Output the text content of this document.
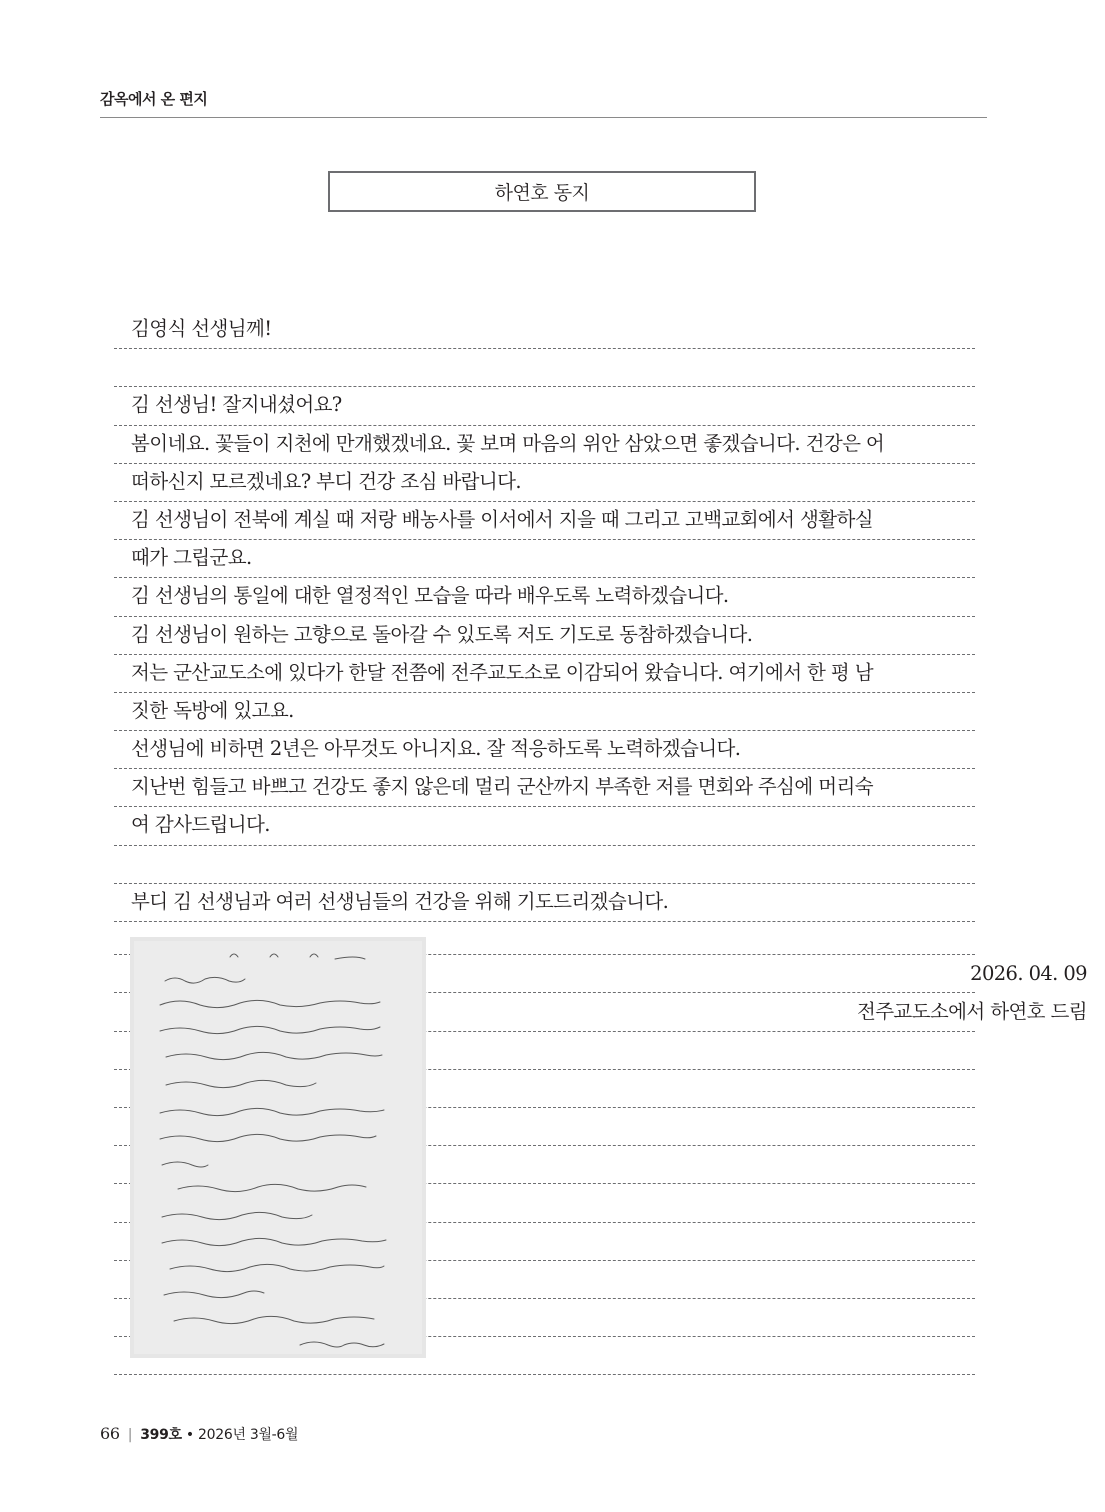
감옥에서 온 편지
하연호 동지
김영식 선생님께!
김 선생님! 잘지내셨어요?
봄이네요. 꽃들이 지천에 만개했겠네요. 꽃 보며 마음의 위안 삼았으면 좋겠습니다. 건강은 어
떠하신지 모르겠네요? 부디 건강 조심 바랍니다.
김 선생님이 전북에 계실 때 저랑 배농사를 이서에서 지을 때 그리고 고백교회에서 생활하실
때가 그립군요.
김 선생님의 통일에 대한 열정적인 모습을 따라 배우도록 노력하겠습니다.
김 선생님이 원하는 고향으로 돌아갈 수 있도록 저도 기도로 동참하겠습니다.
저는 군산교도소에 있다가 한달 전쯤에 전주교도소로 이감되어 왔습니다. 여기에서 한 평 남
짓한 독방에 있고요.
선생님에 비하면 2년은 아무것도 아니지요. 잘 적응하도록 노력하겠습니다.
지난번 힘들고 바쁘고 건강도 좋지 않은데 멀리 군산까지 부족한 저를 면회와 주심에 머리숙
여 감사드립니다.
부디 김 선생님과 여러 선생님들의 건강을 위해 기도드리겠습니다.
2026. 04. 09
전주교도소에서 하연호 드림
66 | 399호 • 2026년 3월-6월
